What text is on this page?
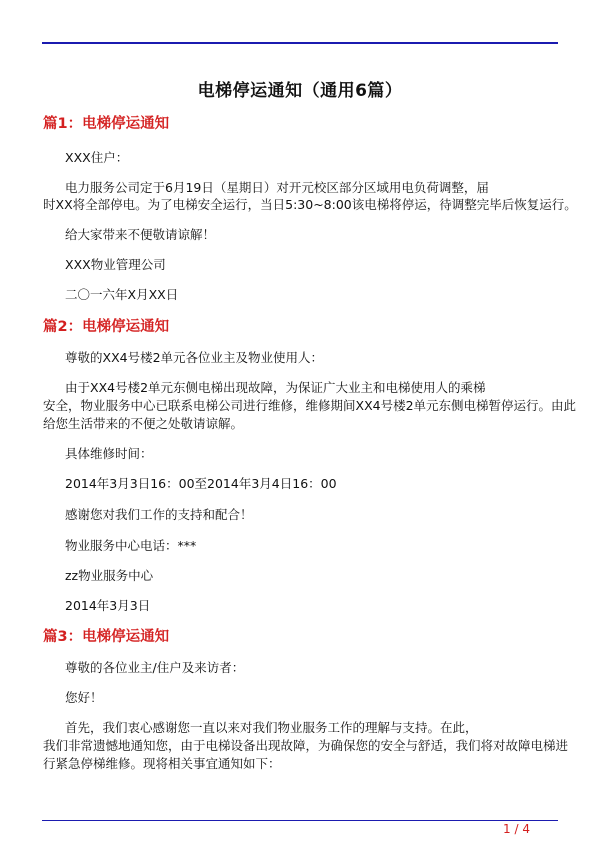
电梯停运通知（通用6篇）
篇1：电梯停运通知
XXX住户：
电力服务公司定于6月19日（星期日）对开元校区部分区域用电负荷调整，届
时XX将全部停电。为了电梯安全运行，当日5:30~8:00该电梯将停运，待调整完毕后恢复运行。
给大家带来不便敬请谅解！
XXX物业管理公司
二〇一六年X月XX日
篇2：电梯停运通知
尊敬的XX4号楼2单元各位业主及物业使用人：
由于XX4号楼2单元东侧电梯出现故障，为保证广大业主和电梯使用人的乘梯
安全，物业服务中心已联系电梯公司进行维修，维修期间XX4号楼2单元东侧电梯暂停运行。由此
给您生活带来的不便之处敬请谅解。
具体维修时间：
2014年3月3日16：00至2014年3月4日16：00
感谢您对我们工作的支持和配合！
物业服务中心电话：***
zz物业服务中心
2014年3月3日
篇3：电梯停运通知
尊敬的各位业主/住户及来访者：
您好！
首先，我们衷心感谢您一直以来对我们物业服务工作的理解与支持。在此，
我们非常遗憾地通知您，由于电梯设备出现故障，为确保您的安全与舒适，我们将对故障电梯进
行紧急停梯维修。现将相关事宜通知如下：
1 / 4
